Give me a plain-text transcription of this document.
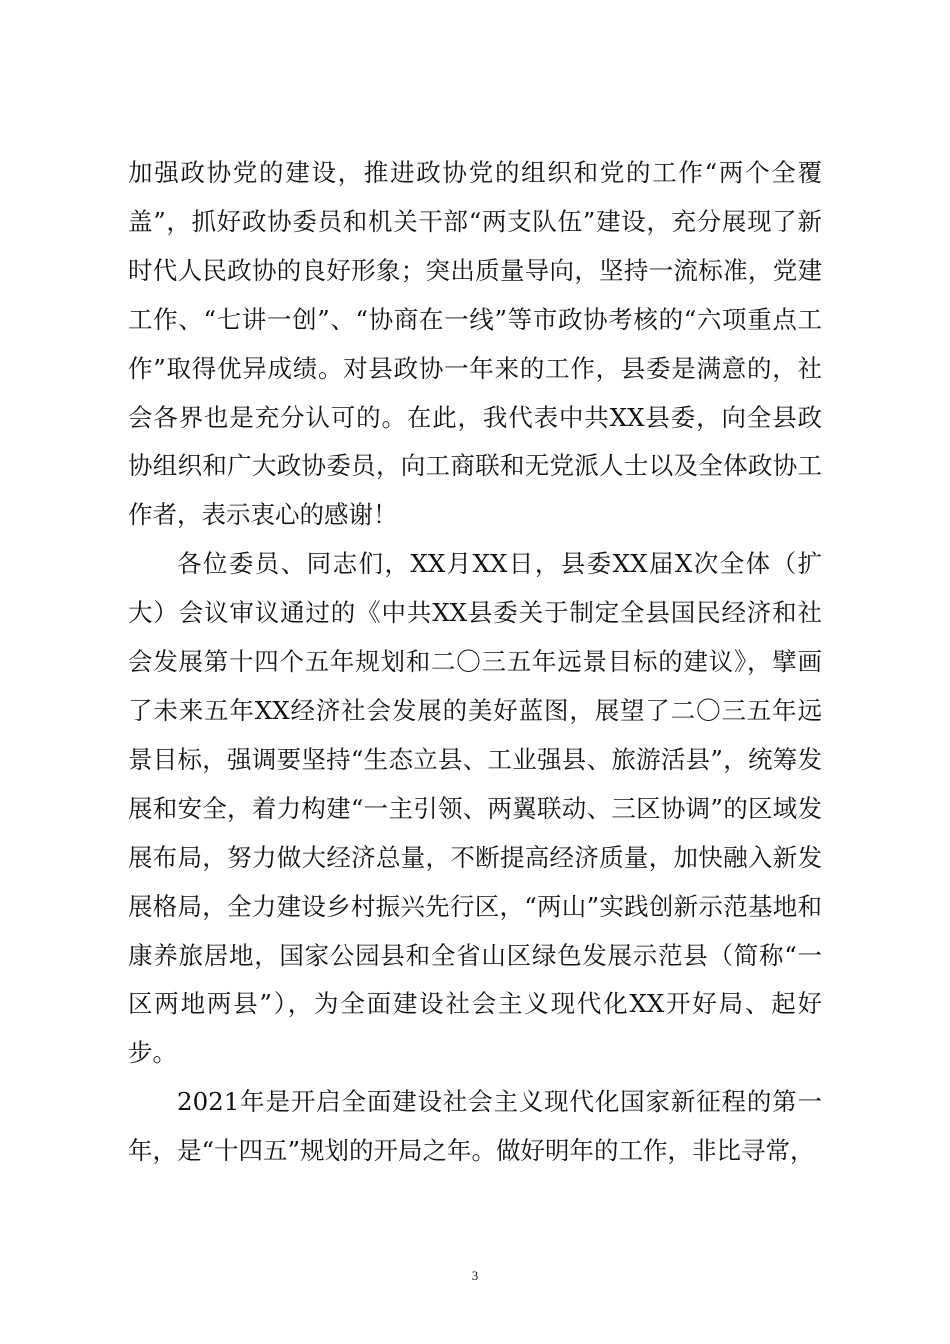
加强政协党的建设，推进政协党的组织和党的工作“两个全覆盖”，抓好政协委员和机关干部“两支队伍”建设，充分展现了新时代人民政协的良好形象；突出质量导向，坚持一流标准，党建工作、“七讲一创”、“协商在一线”等市政协考核的“六项重点工作”取得优异成绩。对县政协一年来的工作，县委是满意的，社会各界也是充分认可的。在此，我代表中共XX县委，向全县政协组织和广大政协委员，向工商联和无党派人士以及全体政协工作者，表示衷心的感谢！

各位委员、同志们，XX月XX日，县委XX届X次全体（扩大）会议审议通过的《中共XX县委关于制定全县国民经济和社会发展第十四个五年规划和二〇三五年远景目标的建议》，擘画了未来五年XX经济社会发展的美好蓝图，展望了二〇三五年远景目标，强调要坚持“生态立县、工业强县、旅游活县”，统筹发展和安全，着力构建“一主引领、两翼联动、三区协调”的区域发展布局，努力做大经济总量，不断提高经济质量，加快融入新发展格局，全力建设乡村振兴先行区，“两山”实践创新示范基地和康养旅居地，国家公园县和全省山区绿色发展示范县（简称“一区两地两县”），为全面建设社会主义现代化XX开好局、起好步。

2021年是开启全面建设社会主义现代化国家新征程的第一年，是“十四五”规划的开局之年。做好明年的工作，非比寻常，

3
